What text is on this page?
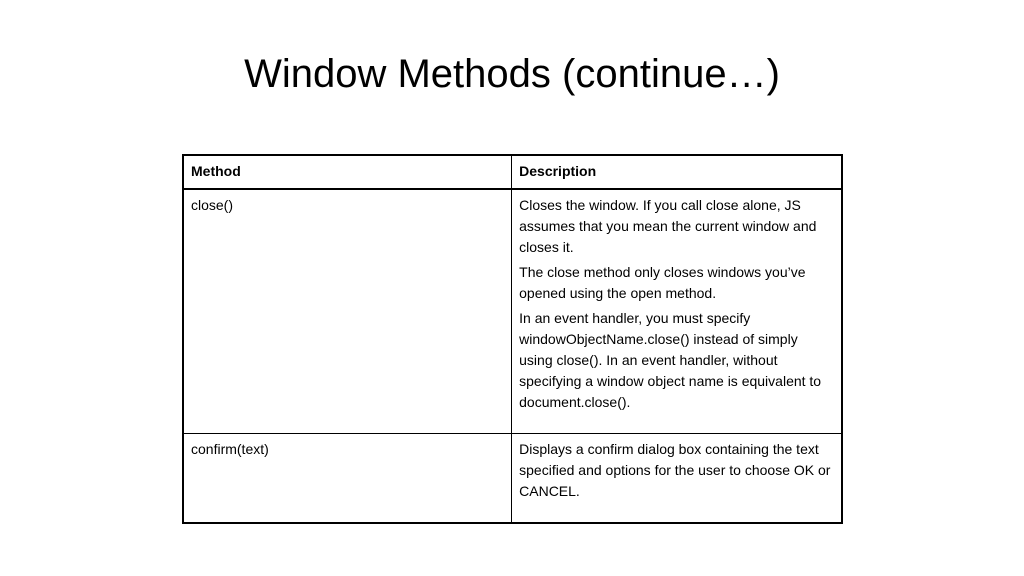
Window Methods (continue…)
Method	Description
close()	Closes the window. If you call close alone, JS assumes that you mean the current window and closes it.

The close method only closes windows you’ve opened using the open method.

In an event handler, you must specify windowObjectName.close() instead of simply using close(). In an event handler, without specifying a window object name is equivalent to document.close().

confirm(text)	Displays a confirm dialog box containing the text specified and options for the user to choose OK or CANCEL.
